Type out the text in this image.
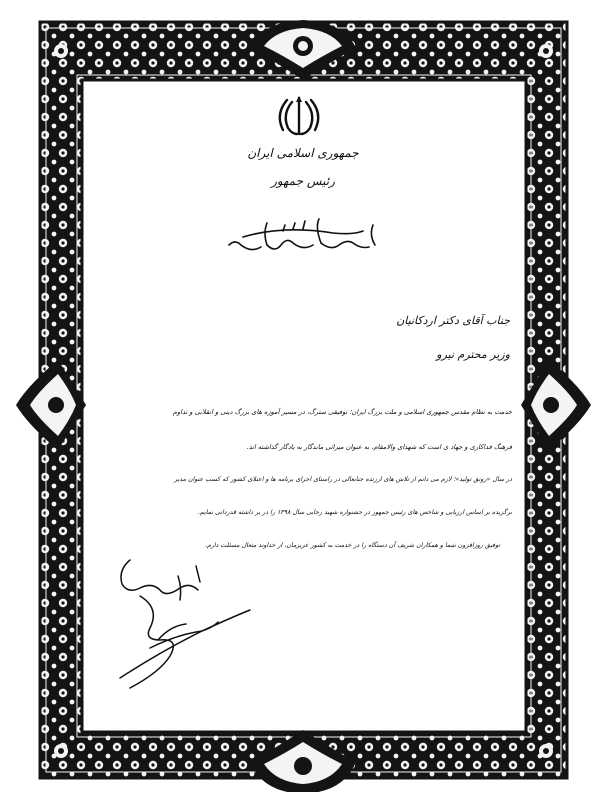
جمهوری اسلامی ایران
رئیس جمهور
جناب آقای دکتر اردکانیان
وزیر محترم نیرو
خدمت به نظام مقدس جمهوری اسلامی و ملت بزرگ ایران؛ توفیقی سترگ، در مسیر آموزه های بزرگ دینی و انقلابی و تداوم
فرهنگ فداکاری و جهاد ی است که شهدای والامقام، به عنوان میراثی ماندگار به یادگار گذاشته اند.
در سال «رونق تولید»؛ لازم می دانم از تلاش های ارزنده جنابعالی در راستای اجرای برنامه ها و اعتلای کشور که کسب عنوان مدیر
برگزیده بر اساس ارزیابی و شاخص های رئیس جمهور در جشنواره شهید رجایی سال ۱۳۹۸ را در بر داشته قدردانی نمایم.
توفیق روزافزون شما و همکاران شریف آن دستگاه را در خدمت به کشور عزیزمان، از خداوند متعال مسئلت دارم.
